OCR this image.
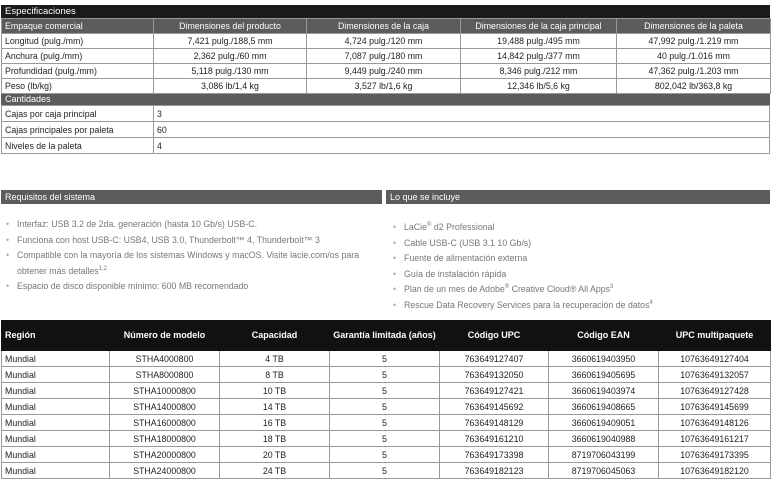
Especificaciones
Empaque comercial	Dimensiones del producto	Dimensiones de la caja	Dimensiones de la caja principal	Dimensiones de la paleta
Longitud (pulg./mm)	7,421 pulg./188,5 mm	4,724 pulg./120 mm	19,488 pulg./495 mm	47,992 pulg./1.219 mm
Anchura (pulg./mm)	2,362 pulg./60 mm	7,087 pulg./180 mm	14,842 pulg./377 mm	40 pulg./1.016 mm
Profundidad (pulg./mm)	5,118 pulg./130 mm	9,449 pulg./240 mm	8,346 pulg./212 mm	47,362 pulg./1.203 mm
Peso (lb/kg)	3,086 lb/1,4 kg	3,527 lb/1,6 kg	12,346 lb/5,6 kg	802,042 lb/363,8 kg
Cantidades
Cajas por caja principal	3
Cajas principales por paleta	60
Niveles de la paleta	4
Requisitos del sistema	Lo que se incluye
• Interfaz: USB 3.2 de 2da. generación (hasta 10 Gb/s) USB-C.
• Funciona con host USB-C: USB4, USB 3.0, Thunderbolt™ 4, Thunderbolt™ 3
• Compatible con la mayoría de los sistemas Windows y macOS. Visite lacie.com/os para obtener más detalles$^{1,2}$
• Espacio de disco disponible mínimo: 600 MB recomendado
• LaCie® d2 Professional
• Cable USB-C (USB 3.1 10 Gb/s)
• Fuente de alimentación externa
• Guía de instalación rápida
• Plan de un mes de Adobe® Creative Cloud® All Apps$^3$
• Rescue Data Recovery Services para la recuperación de datos$^4$
Región	Número de modelo	Capacidad	Garantía limitada (años)	Código UPC	Código EAN	UPC multipaquete
Mundial	STHA4000800	4 TB	5	763649127407	3660619403950	10763649127404
Mundial	STHA8000800	8 TB	5	763649132050	3660619405695	10763649132057
Mundial	STHA10000800	10 TB	5	763649127421	3660619403974	10763649127428
Mundial	STHA14000800	14 TB	5	763649145692	3660619408665	10763649145699
Mundial	STHA16000800	16 TB	5	763649148129	3660619409051	10763649148126
Mundial	STHA18000800	18 TB	5	763649161210	3660619040988	10763649161217
Mundial	STHA20000800	20 TB	5	763649173398	8719706043199	10763649173395
Mundial	STHA24000800	24 TB	5	763649182123	8719706045063	10763649182120
